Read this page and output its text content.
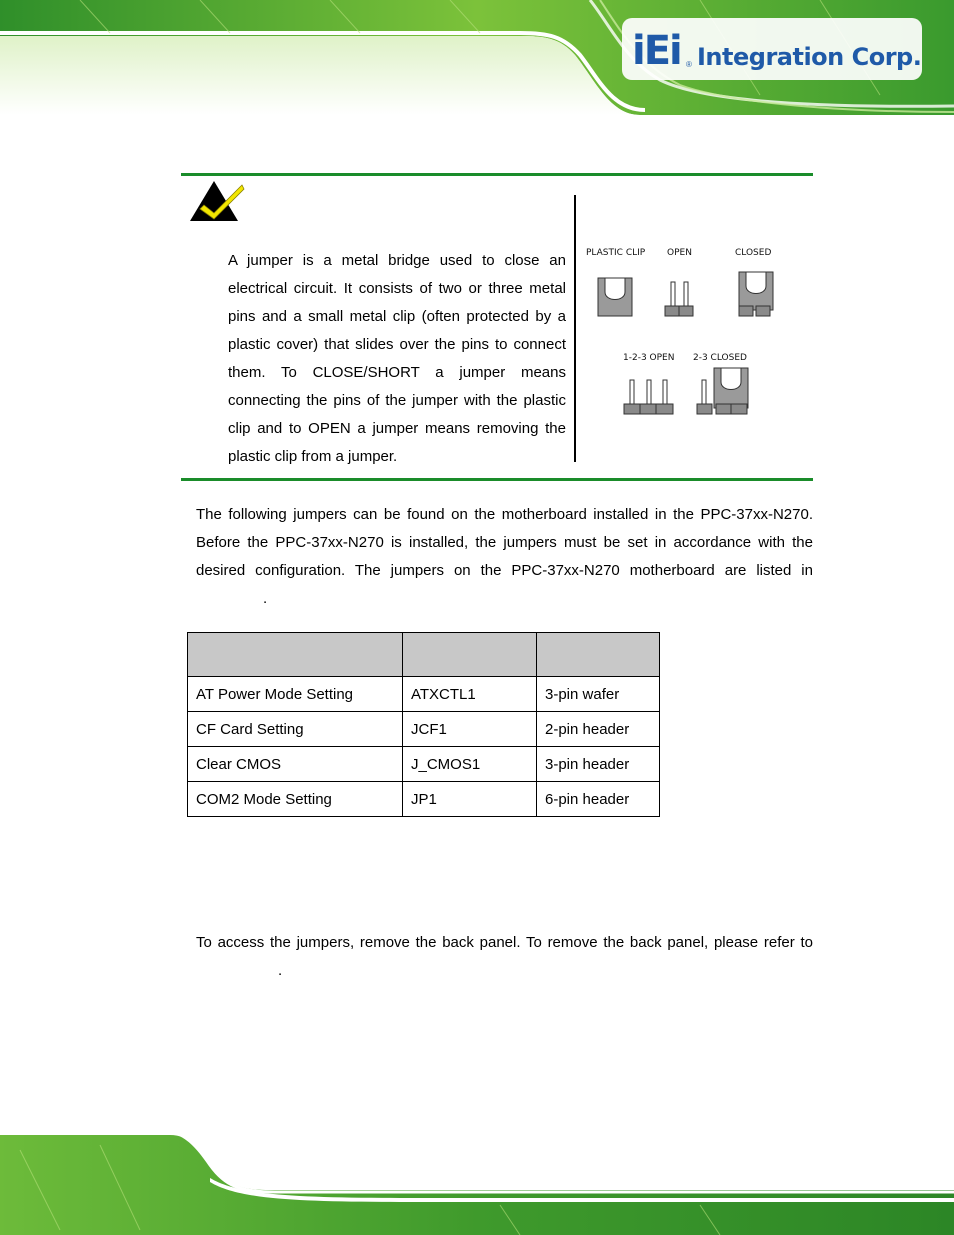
iEi ® Integration Corp.
A jumper is a metal bridge used to close an electrical circuit. It consists of two or three metal pins and a small metal clip (often protected by a plastic cover) that slides over the pins to connect them. To CLOSE/SHORT a jumper means connecting the pins of the jumper with the plastic clip and to OPEN a jumper means removing the plastic clip from a jumper.
PLASTIC CLIP OPEN	CLOSED
1-2-3 OPEN 2-3 CLOSED
The following jumpers can be found on the motherboard installed in the PPC-37xx-N270.
Before the PPC-37xx-N270 is installed, the jumpers must be set in accordance with the
desired configuration. The jumpers on the PPC-37xx-N270 motherboard are listed in
.

AT Power Mode Setting	ATXCTL1	3-pin wafer
CF Card Setting	JCF1	2-pin header
Clear CMOS	J_CMOS1	3-pin header
COM2 Mode Setting	JP1	6-pin header
To access the jumpers, remove the back panel. To remove the back panel, please refer to
.
